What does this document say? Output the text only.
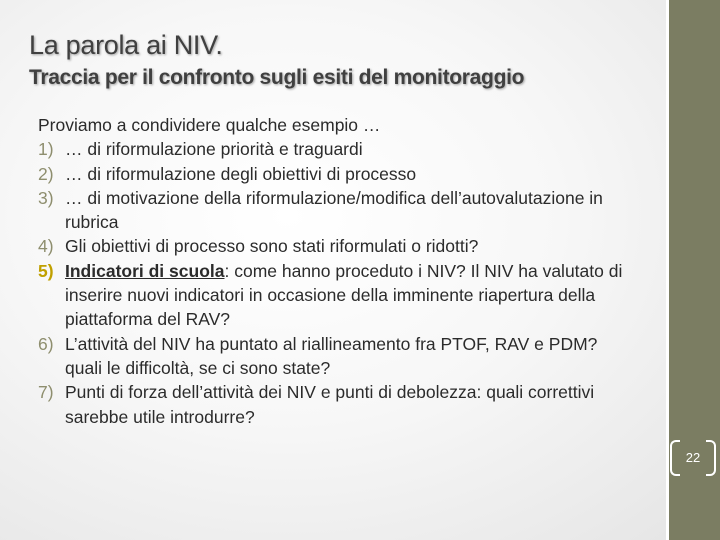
La parola ai NIV.
Traccia per il confronto sugli esiti del monitoraggio

Proviamo a condividere qualche esempio …

1) … di riformulazione priorità e traguardi
2) … di riformulazione degli obiettivi di processo
3) … di motivazione della riformulazione/modifica dell’autovalutazione in rubrica
4) Gli obiettivi di processo sono stati riformulati o ridotti?
5) Indicatori di scuola: come hanno proceduto i NIV? Il NIV ha valutato di inserire nuovi indicatori in occasione della imminente riapertura della piattaforma del RAV?
6) L’attività del NIV ha puntato al riallineamento fra PTOF, RAV e PDM? quali le difficoltà, se ci sono state?
7) Punti di forza dell’attività dei NIV e punti di debolezza: quali correttivi sarebbe utile introdurre?
22
